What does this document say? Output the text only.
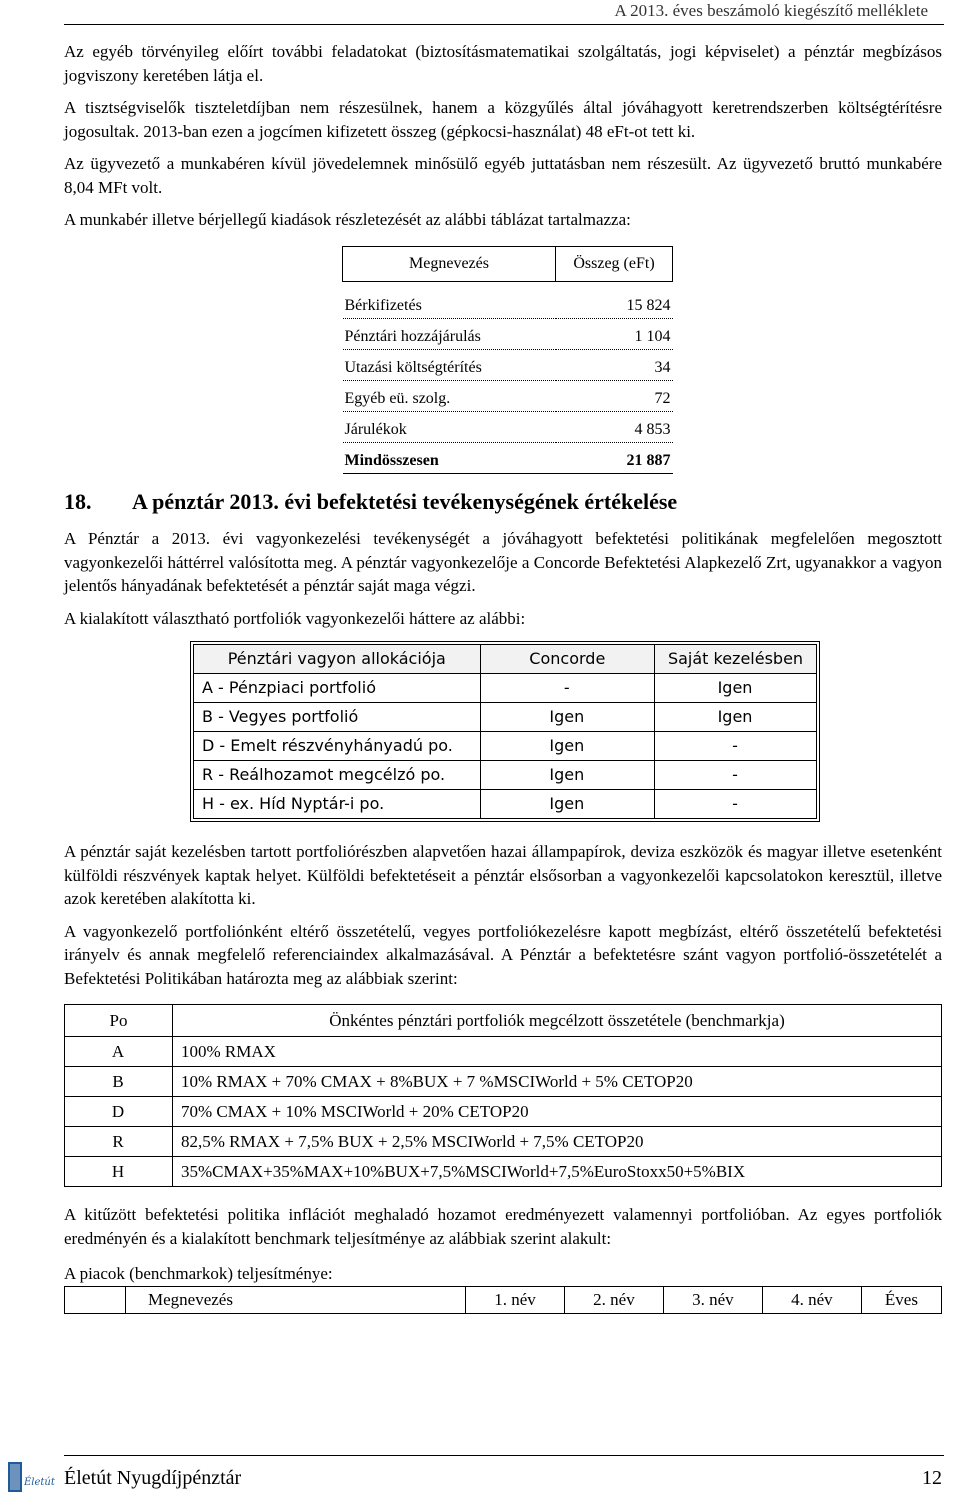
A 2013. éves beszámoló kiegészítő melléklete

Az egyéb törvényileg előírt további feladatokat (biztosításmatematikai szolgáltatás, jogi képviselet) a pénztár megbízásos jogviszony keretében látja el.

A tisztségviselők tiszteletdíjban nem részesülnek, hanem a közgyűlés által jóváhagyott keretrendszerben költségtérítésre jogosultak. 2013-ban ezen a jogcímen kifizetett összeg (gépkocsi-használat) 48 eFt-ot tett ki.

Az ügyvezető a munkabéren kívül jövedelemnek minősülő egyéb juttatásban nem részesült. Az ügyvezető bruttó munkabére 8,04 MFt volt.

A munkabér illetve bérjellegű kiadások részletezését az alábbi táblázat tartalmazza:

Megnevezés	Összeg (eFt)
Bérkifizetés	15 824
Pénztári hozzájárulás	1 104
Utazási költségtérítés	34
Egyéb eü. szolg.	72
Járulékok	4 853
Mindösszesen	21 887
18. A pénztár 2013. évi befektetési tevékenységének értékelése

A Pénztár a 2013. évi vagyonkezelési tevékenységét a jóváhagyott befektetési politikának megfelelően megosztott vagyonkezelői háttérrel valósította meg. A pénztár vagyonkezelője a Concorde Befektetési Alapkezelő Zrt, ugyanakkor a vagyon jelentős hányadának befektetését a pénztár saját maga végzi.

A kialakított választható portfoliók vagyonkezelői háttere az alábbi:

Pénztári vagyon allokációja	Concorde	Saját kezelésben
A - Pénzpiaci portfolió	-	Igen
B - Vegyes portfolió	Igen	Igen
D - Emelt részvényhányadú po.	Igen	-
R - Reálhozamot megcélzó po.	Igen	-
H - ex. Híd Nyptár-i po.	Igen	-

A pénztár saját kezelésben tartott portfoliórészben alapvetően hazai állampapírok, deviza eszközök és magyar illetve esetenként külföldi részvények kaptak helyet. Külföldi befektetéseit a pénztár elsősorban a vagyonkezelői kapcsolatokon keresztül, illetve azok keretében alakította ki.

A vagyonkezelő portfoliónként eltérő összetételű, vegyes portfoliókezelésre kapott megbízást, eltérő összetételű befektetési irányelv és annak megfelelő referenciaindex alkalmazásával. A Pénztár a befektetésre szánt vagyon portfolió-összetételét a Befektetési Politikában határozta meg az alábbiak szerint:

Po	Önkéntes pénztári portfoliók megcélzott összetétele (benchmarkja)
A	100% RMAX
B	10% RMAX + 70% CMAX + 8%BUX + 7 %MSCIWorld + 5% CETOP20
D	70% CMAX + 10% MSCIWorld + 20% CETOP20
R	82,5% RMAX + 7,5% BUX + 2,5% MSCIWorld + 7,5% CETOP20
H	35%CMAX+35%MAX+10%BUX+7,5%MSCIWorld+7,5%EuroStoxx50+5%BIX

A kitűzött befektetési politika inflációt meghaladó hozamot eredményezett valamennyi portfolióban. Az egyes portfoliók eredményén és a kialakított benchmark teljesítménye az alábbiak szerint alakult:

A piacok (benchmarkok) teljesítménye:

	Megnevezés	1. név	2. név	3. név	4. név	Éves
Életút Életút Nyugdíjpénztár	12
